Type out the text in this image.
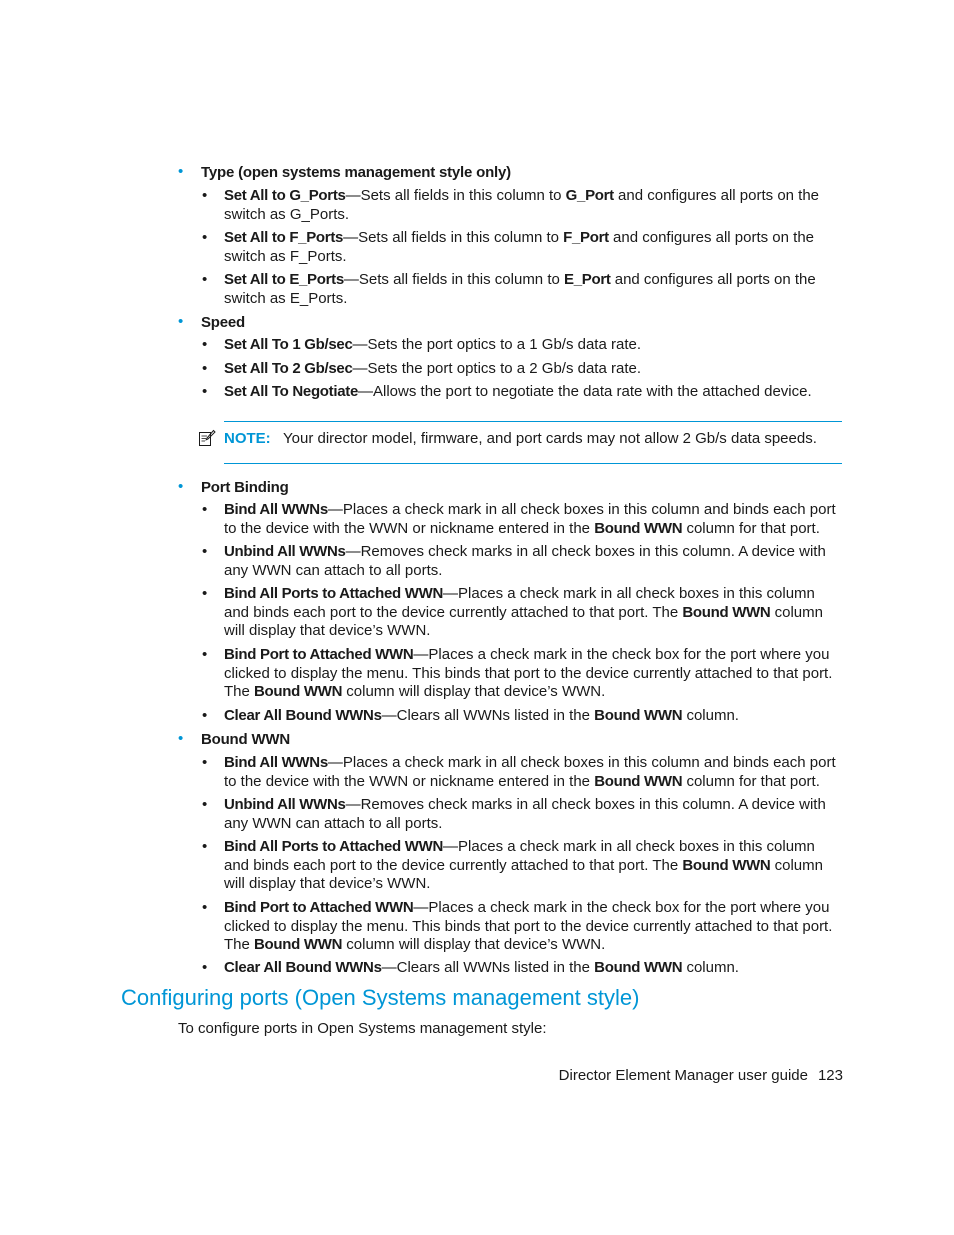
• Type (open systems management style only)
• Set All to G_Ports—Sets all fields in this column to G_Port and configures all ports on the switch as G_Ports.
• Set All to F_Ports—Sets all fields in this column to F_Port and configures all ports on the switch as F_Ports.
• Set All to E_Ports—Sets all fields in this column to E_Port and configures all ports on the switch as E_Ports.
• Speed
• Set All To 1 Gb/sec—Sets the port optics to a 1 Gb/s data rate.
• Set All To 2 Gb/sec—Sets the port optics to a 2 Gb/s data rate.
• Set All To Negotiate—Allows the port to negotiate the data rate with the attached device.
NOTE: Your director model, firmware, and port cards may not allow 2 Gb/s data speeds.
• Port Binding
• Bind All WWNs—Places a check mark in all check boxes in this column and binds each port to the device with the WWN or nickname entered in the Bound WWN column for that port.
• Unbind All WWNs—Removes check marks in all check boxes in this column. A device with any WWN can attach to all ports.
• Bind All Ports to Attached WWN—Places a check mark in all check boxes in this column and binds each port to the device currently attached to that port. The Bound WWN column will display that device’s WWN.
• Bind Port to Attached WWN—Places a check mark in the check box for the port where you clicked to display the menu. This binds that port to the device currently attached to that port. The Bound WWN column will display that device’s WWN.
• Clear All Bound WWNs—Clears all WWNs listed in the Bound WWN column.
• Bound WWN
• Bind All WWNs—Places a check mark in all check boxes in this column and binds each port to the device with the WWN or nickname entered in the Bound WWN column for that port.
• Unbind All WWNs—Removes check marks in all check boxes in this column. A device with any WWN can attach to all ports.
• Bind All Ports to Attached WWN—Places a check mark in all check boxes in this column and binds each port to the device currently attached to that port. The Bound WWN column will display that device’s WWN.
• Bind Port to Attached WWN—Places a check mark in the check box for the port where you clicked to display the menu. This binds that port to the device currently attached to that port. The Bound WWN column will display that device’s WWN.
• Clear All Bound WWNs—Clears all WWNs listed in the Bound WWN column.
Configuring ports (Open Systems management style)
To configure ports in Open Systems management style:
Director Element Manager user guide 123
